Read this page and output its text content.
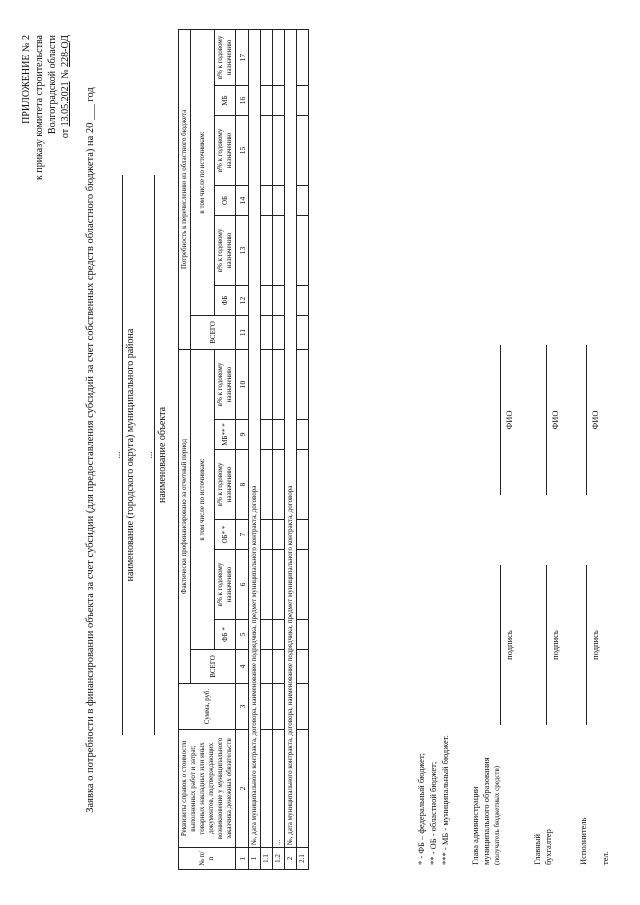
ПРИЛОЖЕНИЕ № 2 к приказу комитета строительства Волгоградской области от 13.05.2021 № 228-ОД
Заявка о потребности в финансировании объекта за счет субсидии (для предоставления субсидий за счет собственных средств областного бюджета) на 20 ___ год ... наименование (городского округа) муниципального района ... наименование объекта
№ п/п	Реквизиты справок о стоимости выполненных работ и затрат, товарных накладных или иных документов, подтверждающих возникновение у муниципального заказчика денежных обязательств	Сумма, руб.	Фактически профинансировано за отчетный период							Потребность к перечислению из областного бюджета						
			ВСЕГО	в том числе по источникам:						ВСЕГО	в том числе по источникам:					
				ФБ *	в% к годовому назначению	ОБ* *	в% к годовому назначению	МБ** *	в% к годовому назначению		ФБ	в% к годовому назначению	ОБ	в% к годовому назначению	МБ	в% к годовому назначению
1	2	3	4	5	6	7	8	9	10	11	12	13	14	15	16	17
1	№, дата муниципального контракта, договора, наименование подрядчика, предмет муниципального контракта, договора															
1.1																
1.2	...															
2	№, дата муниципального контракта, договора, наименование подрядчика, предмет муниципального контракта, договора															
2.1																	* - ФБ – федеральный бюджет; ** - ОБ - областной бюджет; *** - МБ - муниципальный бюджет. Глава администрации муниципального образования (получатель бюджетных средств)
подпись
ФИО
Главный бухгалтер
подпись
ФИО
Исполнитель тел.
подпись
ФИО
